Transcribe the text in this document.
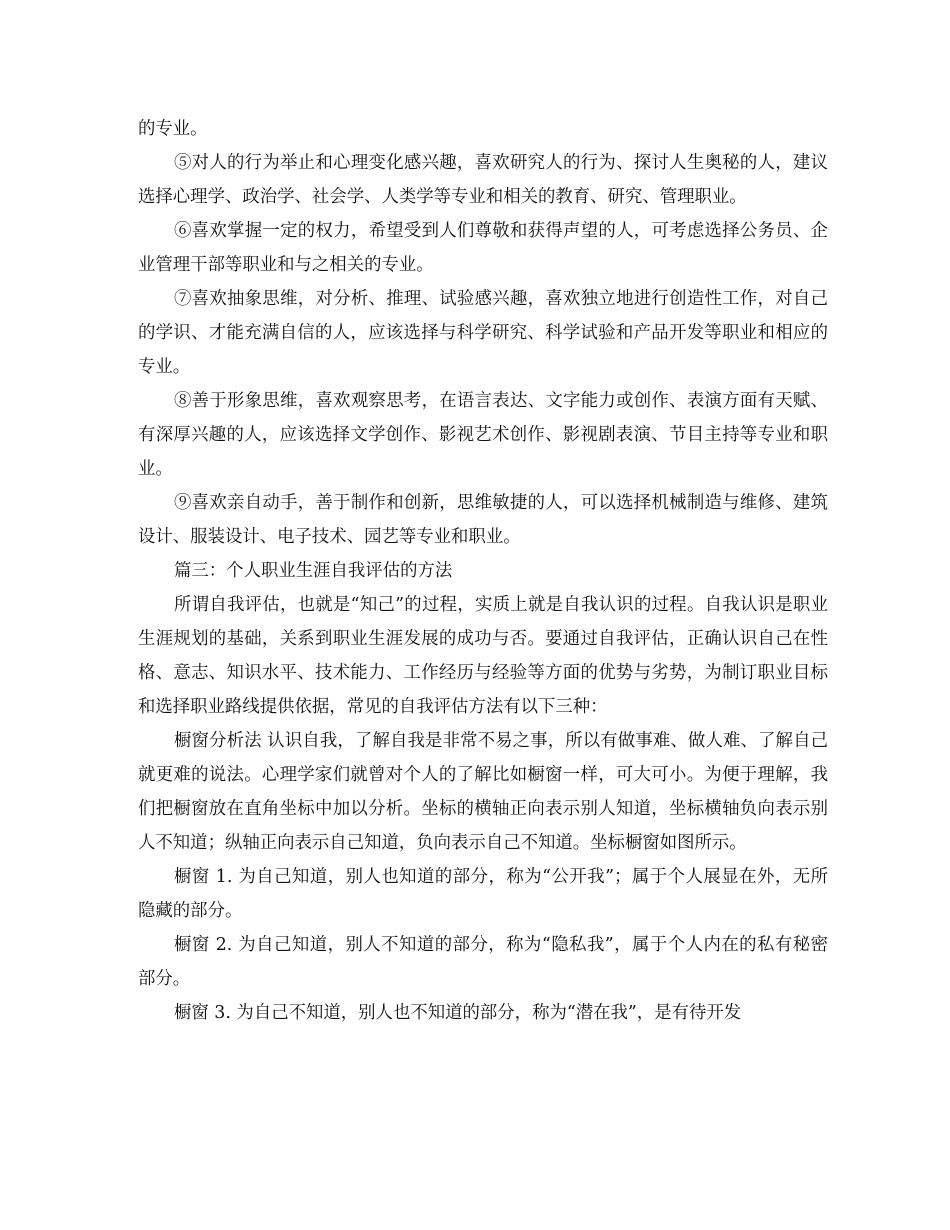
的专业。

⑤对人的行为举止和心理变化感兴趣，喜欢研究人的行为、探讨人生奥秘的人，建议选择心理学、政治学、社会学、人类学等专业和相关的教育、研究、管理职业。

⑥喜欢掌握一定的权力，希望受到人们尊敬和获得声望的人，可考虑选择公务员、企业管理干部等职业和与之相关的专业。

⑦喜欢抽象思维，对分析、推理、试验感兴趣，喜欢独立地进行创造性工作，对自己的学识、才能充满自信的人，应该选择与科学研究、科学试验和产品开发等职业和相应的专业。

⑧善于形象思维，喜欢观察思考，在语言表达、文字能力或创作、表演方面有天赋、有深厚兴趣的人，应该选择文学创作、影视艺术创作、影视剧表演、节目主持等专业和职业。

⑨喜欢亲自动手，善于制作和创新，思维敏捷的人，可以选择机械制造与维修、建筑设计、服装设计、电子技术、园艺等专业和职业。

篇三：个人职业生涯自我评估的方法

所谓自我评估，也就是“知己”的过程，实质上就是自我认识的过程。自我认识是职业生涯规划的基础，关系到职业生涯发展的成功与否。要通过自我评估，正确认识自己在性格、意志、知识水平、技术能力、工作经历与经验等方面的优势与劣势，为制订职业目标和选择职业路线提供依据，常见的自我评估方法有以下三种：

橱窗分析法 认识自我，了解自我是非常不易之事，所以有做事难、做人难、了解自己就更难的说法。心理学家们就曾对个人的了解比如橱窗一样，可大可小。为便于理解，我们把橱窗放在直角坐标中加以分析。坐标的横轴正向表示别人知道，坐标横轴负向表示别人不知道；纵轴正向表示自己知道，负向表示自己不知道。坐标橱窗如图所示。

橱窗 1. 为自己知道，别人也知道的部分，称为“公开我”；属于个人展显在外，无所隐藏的部分。

橱窗 2. 为自己知道，别人不知道的部分，称为“隐私我”，属于个人内在的私有秘密部分。

橱窗 3. 为自己不知道，别人也不知道的部分，称为“潜在我”，是有待开发
